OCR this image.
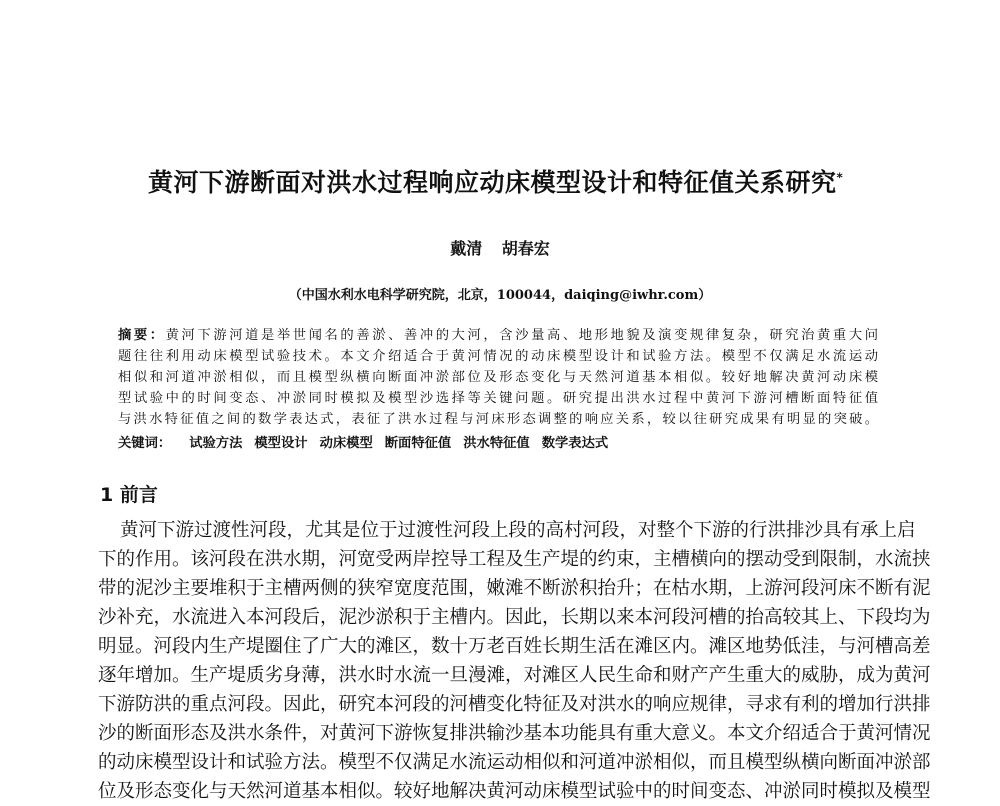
黄河下游断面对洪水过程响应动床模型设计和特征值关系研究*
戴清 胡春宏
（中国水利水电科学研究院，北京，100044，daiqing@iwhr.com）
摘要：黄河下游河道是举世闻名的善淤、善冲的大河，含沙量高、地形地貌及演变规律复杂，研究治黄重大问
题往往利用动床模型试验技术。本文介绍适合于黄河情况的动床模型设计和试验方法。模型不仅满足水流运动
相似和河道冲淤相似，而且模型纵横向断面冲淤部位及形态变化与天然河道基本相似。较好地解决黄河动床模
型试验中的时间变态、冲淤同时模拟及模型沙选择等关键问题。研究提出洪水过程中黄河下游河槽断面特征值
与洪水特征值之间的数学表达式，表征了洪水过程与河床形态调整的响应关系，较以往研究成果有明显的突破。
关键词： 试验方法 模型设计 动床模型 断面特征值 洪水特征值 数学表达式
1 前言
黄河下游过渡性河段，尤其是位于过渡性河段上段的高村河段，对整个下游的行洪排沙具有承上启
下的作用。该河段在洪水期，河宽受两岸控导工程及生产堤的约束，主槽横向的摆动受到限制，水流挟
带的泥沙主要堆积于主槽两侧的狭窄宽度范围，嫩滩不断淤积抬升；在枯水期，上游河段河床不断有泥
沙补充，水流进入本河段后，泥沙淤积于主槽内。因此，长期以来本河段河槽的抬高较其上、下段均为
明显。河段内生产堤圈住了广大的滩区，数十万老百姓长期生活在滩区内。滩区地势低洼，与河槽高差
逐年增加。生产堤质劣身薄，洪水时水流一旦漫滩，对滩区人民生命和财产产生重大的威胁，成为黄河
下游防洪的重点河段。因此，研究本河段的河槽变化特征及对洪水的响应规律，寻求有利的增加行洪排
沙的断面形态及洪水条件，对黄河下游恢复排洪输沙基本功能具有重大意义。本文介绍适合于黄河情况
的动床模型设计和试验方法。模型不仅满足水流运动相似和河道冲淤相似，而且模型纵横向断面冲淤部
位及形态变化与天然河道基本相似。较好地解决黄河动床模型试验中的时间变态、冲淤同时模拟及模型
